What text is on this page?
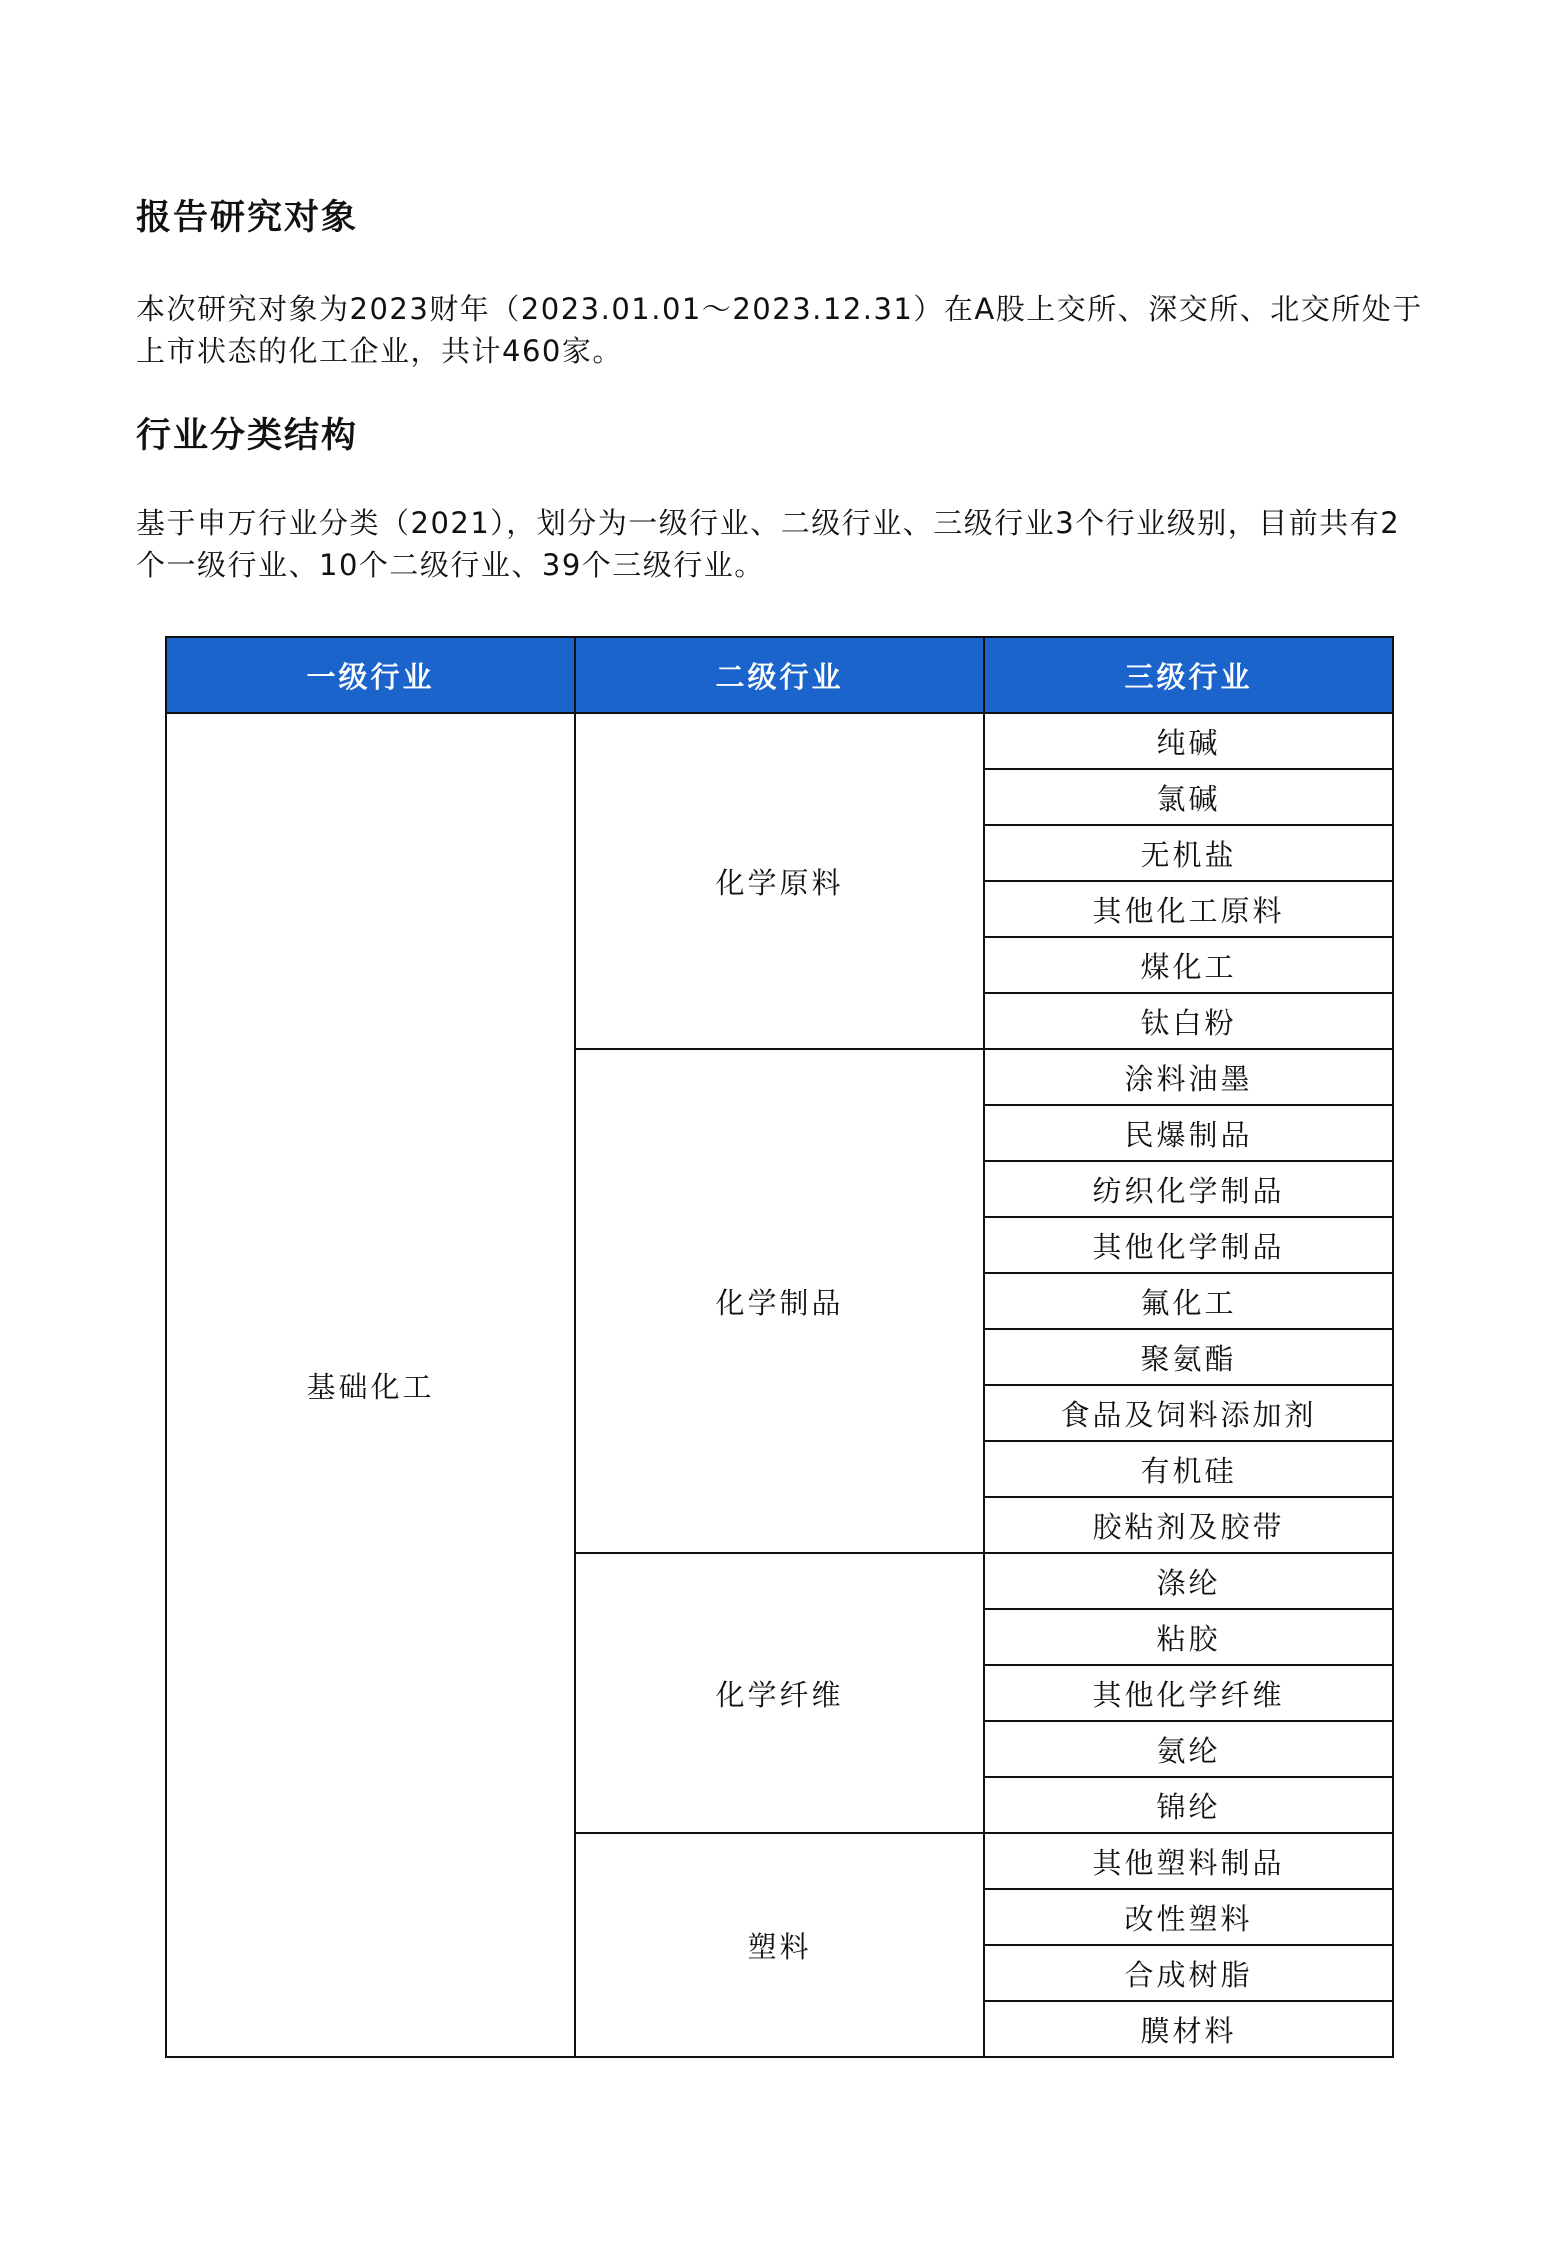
报告研究对象

本次研究对象为2023财年（2023.01.01～2023.12.31）在A股上交所、深交所、北交所处于上市状态的化工企业，共计460家。

行业分类结构

基于申万行业分类（2021），划分为一级行业、二级行业、三级行业3个行业级别，目前共有2个一级行业、10个二级行业、39个三级行业。

一级行业	二级行业	三级行业
基础化工	化学原料	纯碱
		氯碱
		无机盐
		其他化工原料
		煤化工
		钛白粉
	化学制品	涂料油墨
		民爆制品
		纺织化学制品
		其他化学制品
		氟化工
		聚氨酯
		食品及饲料添加剂
		有机硅
		胶粘剂及胶带
	化学纤维	涤纶
		粘胶
		其他化学纤维
		氨纶
		锦纶
	塑料	其他塑料制品
		改性塑料
		合成树脂
		膜材料
